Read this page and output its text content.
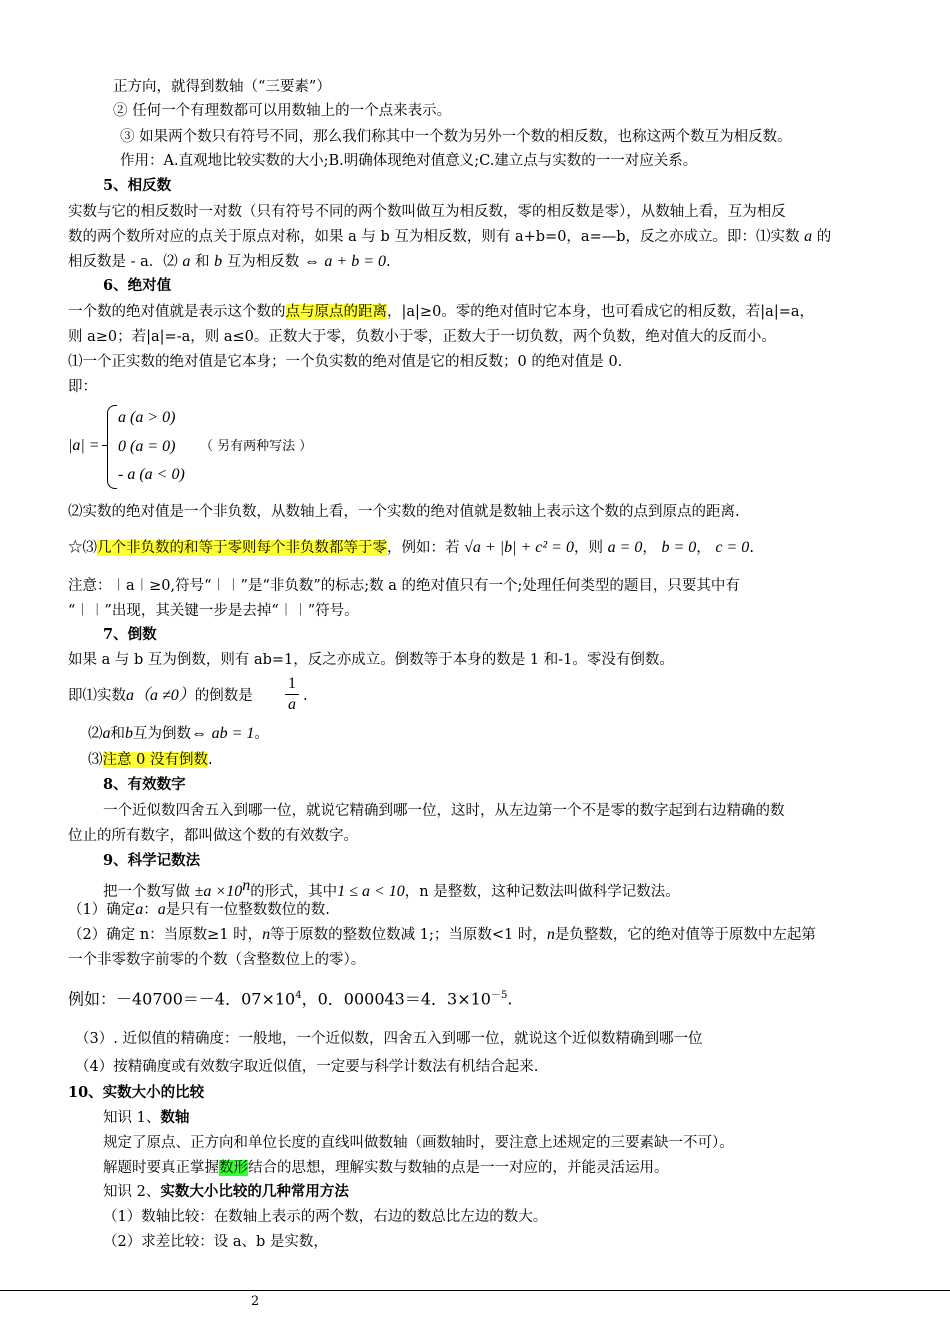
正方向，就得到数轴（“三要素”）
② 任何一个有理数都可以用数轴上的一个点来表示。
③ 如果两个数只有符号不同，那么我们称其中一个数为另外一个数的相反数，也称这两个数互为相反数。
作用：A.直观地比较实数的大小;B.明确体现绝对值意义;C.建立点与实数的一一对应关系。
5、相反数
实数与它的相反数时一对数（只有符号不同的两个数叫做互为相反数，零的相反数是零），从数轴上看，互为相反
数的两个数所对应的点关于原点对称，如果 a 与 b 互为相反数，则有 a+b=0，a=—b，反之亦成立。即：⑴实数 a 的
相反数是 - a．⑵ a 和 b 互为相反数 ⇔ a + b = 0.
6、绝对值
一个数的绝对值就是表示这个数的点与原点的距离，|a|≥0。零的绝对值时它本身，也可看成它的相反数，若|a|=a，
则 a≥0；若|a|=-a，则 a≤0。正数大于零，负数小于零，正数大于一切负数，两个负数，绝对值大的反而小。
⑴一个正实数的绝对值是它本身；一个负实数的绝对值是它的相反数；0 的绝对值是 0.
即：
|a| =
a (a > 0)
0 (a = 0)
- a (a < 0)
（ 另有两种写法 ）
⑵实数的绝对值是一个非负数，从数轴上看，一个实数的绝对值就是数轴上表示这个数的点到原点的距离.
☆⑶几个非负数的和等于零则每个非负数都等于零，例如：若 √a + |b| + c² = 0，则 a = 0， b = 0， c = 0.
注意：︱a︱≥0,符号“︱︱”是“非负数”的标志;数 a 的绝对值只有一个;处理任何类型的题目，只要其中有
“︱︱”出现，其关键一步是去掉“︱︱”符号。
7、倒数
如果 a 与 b 互为倒数，则有 ab=1，反之亦成立。倒数等于本身的数是 1 和-1。零没有倒数。
即⑴实数a（a ≠0）的倒数是
1
a .
⑵a和b互为倒数⇔ ab = 1。
⑶注意 0 没有倒数.
8、有效数字
一个近似数四舍五入到哪一位，就说它精确到哪一位，这时，从左边第一个不是零的数字起到右边精确的数
位止的所有数字，都叫做这个数的有效数字。
9、科学记数法
把一个数写做 $\pm a \times 10^n$的形式，其中1 ≤ a < 10，n 是整数，这种记数法叫做科学记数法。
（1）确定a：a是只有一位整数数位的数.
（2）确定 n：当原数≥1 时，n等于原数的整数位数减 1;；当原数<1 时，n是负整数，它的绝对值等于原数中左起第
一个非零数字前零的个数（含整数位上的零）。
例如：－40700＝－4．$07\times 10^4$，0．000043＝4．$3\times 10^{-5}$.
（3）. 近似值的精确度：一般地，一个近似数，四舍五入到哪一位，就说这个近似数精确到哪一位
（4）按精确度或有效数字取近似值，一定要与科学计数法有机结合起来.
10、实数大小的比较
知识 1、数轴
规定了原点、正方向和单位长度的直线叫做数轴（画数轴时，要注意上述规定的三要素缺一不可）。
解题时要真正掌握数形结合的思想，理解实数与数轴的点是一一对应的，并能灵活运用。
知识 2、实数大小比较的几种常用方法
（1）数轴比较：在数轴上表示的两个数，右边的数总比左边的数大。
（2）求差比较：设 a、b 是实数，
2
